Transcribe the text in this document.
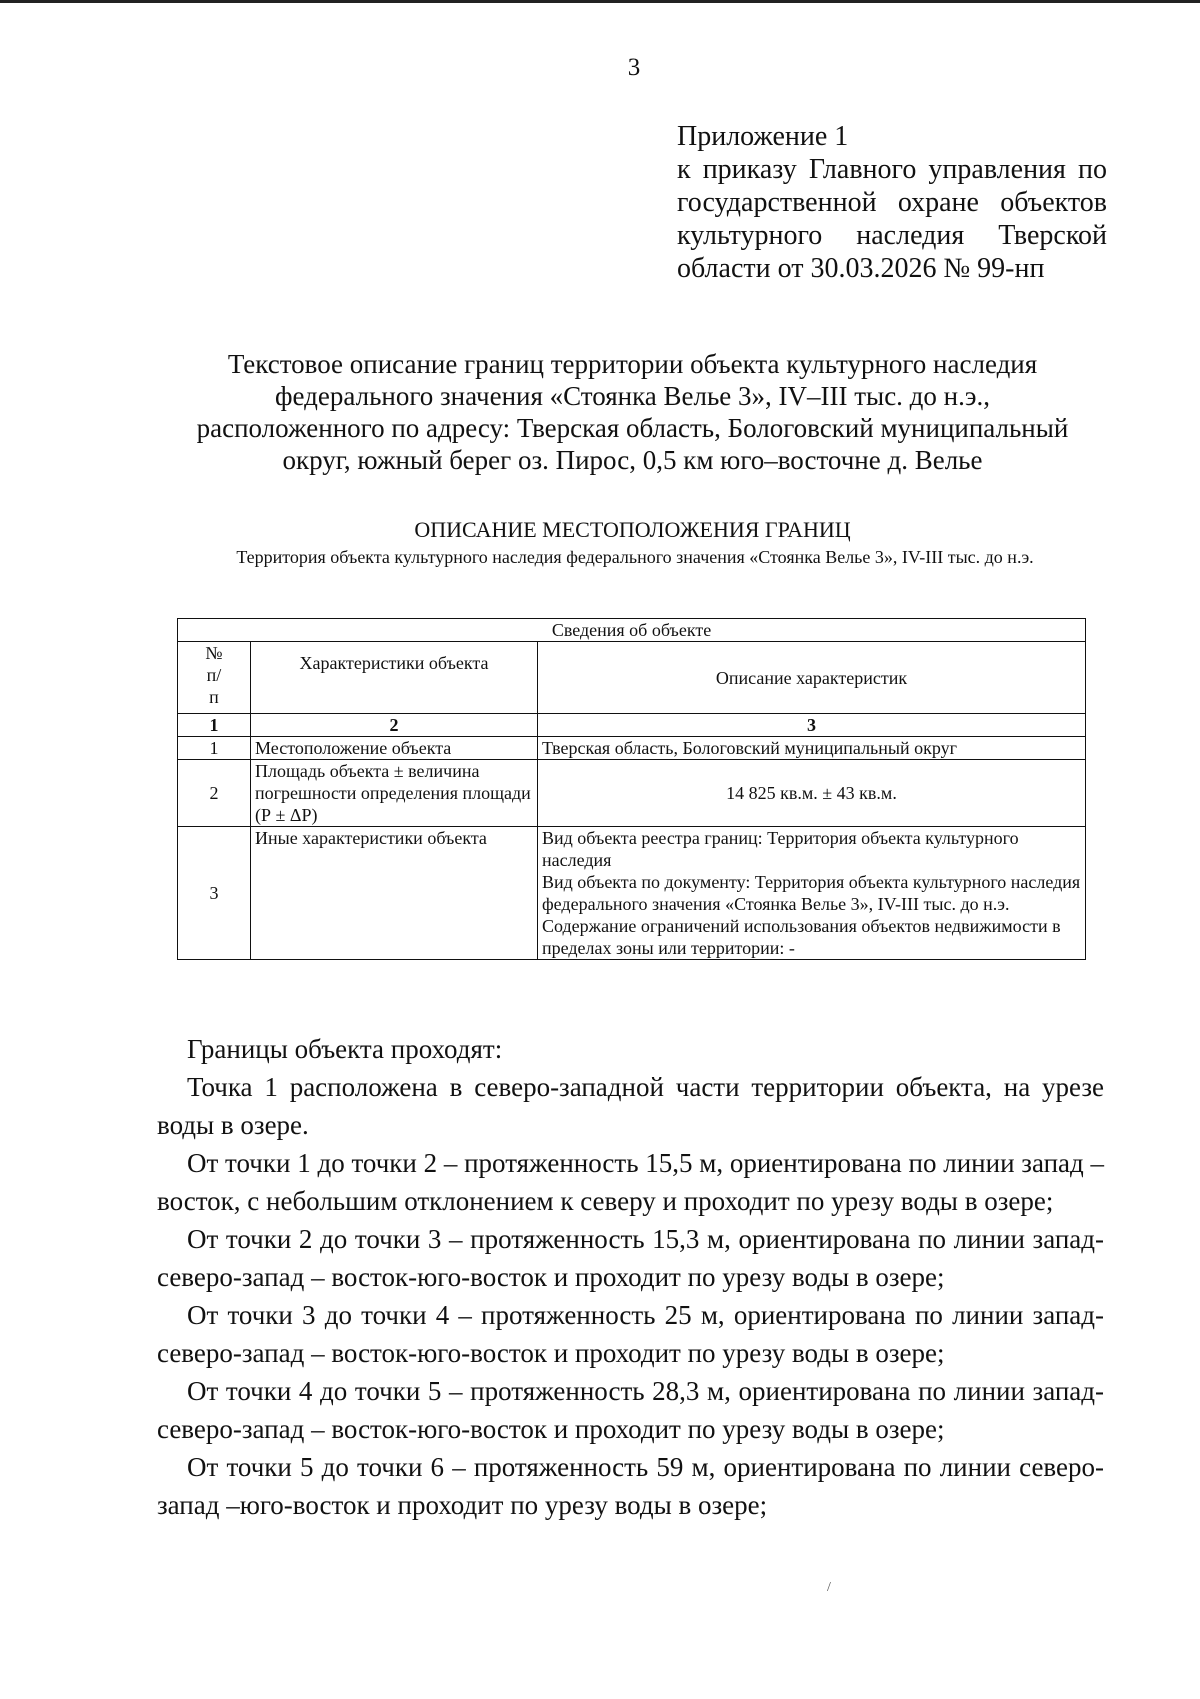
3
Приложение 1
к приказу Главного управления по
государственной охране объектов
культурного наследия Тверской
области от 30.03.2026 № 99-нп
Текстовое описание границ территории объекта культурного наследия
федерального значения «Стоянка Велье 3», IV–III тыс. до н.э.,
расположенного по адресу: Тверская область, Бологовский муниципальный
округ, южный берег оз. Пирос, 0,5 км юго–восточне д. Велье
ОПИСАНИЕ МЕСТОПОЛОЖЕНИЯ ГРАНИЦ
Территория объекта культурного наследия федерального значения «Стоянка Велье 3», IV-III тыс. до н.э.
Сведения об объекте		
№ п/ п	Характеристики объекта	Описание характеристик
1	2	3
1	Местоположение объекта	Тверская область, Бологовский муниципальный округ
2	Площадь объекта ± величина погрешности определения площади (Р ± ΔР)	14 825 кв.м. ± 43 кв.м.
3	Иные характеристики объекта	Вид объекта реестра границ: Территория объекта культурного наследия
Вид объекта по документу: Территория объекта культурного наследия федерального значения «Стоянка Велье 3», IV-III тыс. до н.э.
Содержание ограничений использования объектов недвижимости в пределах зоны или территории: -

Границы объекта проходят:

Точка 1 расположена в северо-западной части территории объекта, на урезе воды в озере.

От точки 1 до точки 2 – протяженность 15,5 м, ориентирована по линии запад – восток, с небольшим отклонением к северу и проходит по урезу воды в озере;

От точки 2 до точки 3 – протяженность 15,3 м, ориентирована по линии запад-северо-запад – восток-юго-восток и проходит по урезу воды в озере;

От точки 3 до точки 4 – протяженность 25 м, ориентирована по линии запад-северо-запад – восток-юго-восток и проходит по урезу воды в озере;

От точки 4 до точки 5 – протяженность 28,3 м, ориентирована по линии запад-северо-запад – восток-юго-восток и проходит по урезу воды в озере;

От точки 5 до точки 6 – протяженность 59 м, ориентирована по линии северо-запад –юго-восток и проходит по урезу воды в озере;

/
